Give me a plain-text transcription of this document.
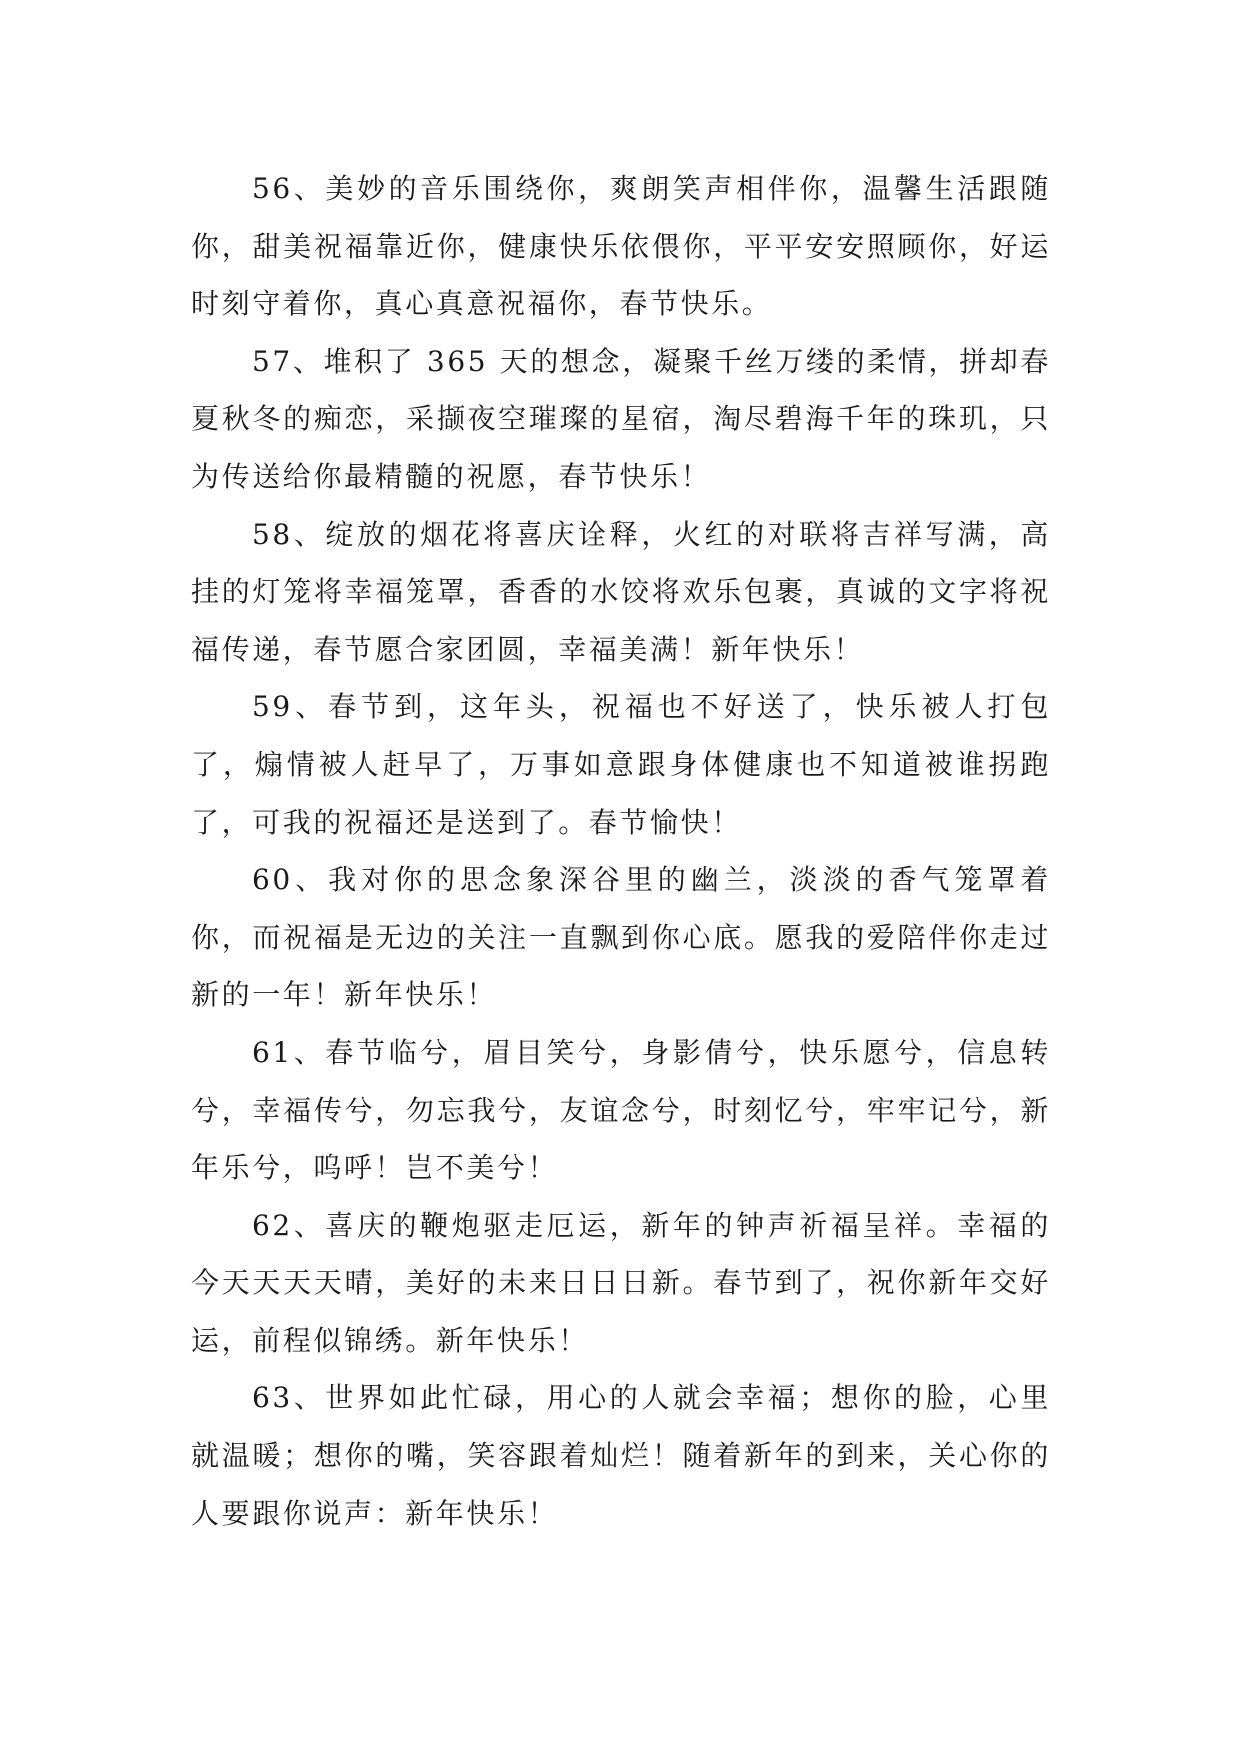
56、美妙的音乐围绕你，爽朗笑声相伴你，温馨生活跟随你，甜美祝福靠近你，健康快乐依偎你，平平安安照顾你，好运时刻守着你，真心真意祝福你，春节快乐。

57、堆积了 365 天的想念，凝聚千丝万缕的柔情，拼却春夏秋冬的痴恋，采撷夜空璀璨的星宿，淘尽碧海千年的珠玑，只为传送给你最精髓的祝愿，春节快乐！

58、绽放的烟花将喜庆诠释，火红的对联将吉祥写满，高挂的灯笼将幸福笼罩，香香的水饺将欢乐包裹，真诚的文字将祝福传递，春节愿合家团圆，幸福美满！新年快乐！

59、春节到，这年头，祝福也不好送了，快乐被人打包了，煽情被人赶早了，万事如意跟身体健康也不知道被谁拐跑了，可我的祝福还是送到了。春节愉快！

60、我对你的思念象深谷里的幽兰，淡淡的香气笼罩着你，而祝福是无边的关注一直飘到你心底。愿我的爱陪伴你走过新的一年！新年快乐！

61、春节临兮，眉目笑兮，身影倩兮，快乐愿兮，信息转兮，幸福传兮，勿忘我兮，友谊念兮，时刻忆兮，牢牢记兮，新年乐兮，呜呼！岂不美兮！

62、喜庆的鞭炮驱走厄运，新年的钟声祈福呈祥。幸福的今天天天天晴，美好的未来日日日新。春节到了，祝你新年交好运，前程似锦绣。新年快乐！

63、世界如此忙碌，用心的人就会幸福；想你的脸，心里就温暖；想你的嘴，笑容跟着灿烂！随着新年的到来，关心你的人要跟你说声：新年快乐！
